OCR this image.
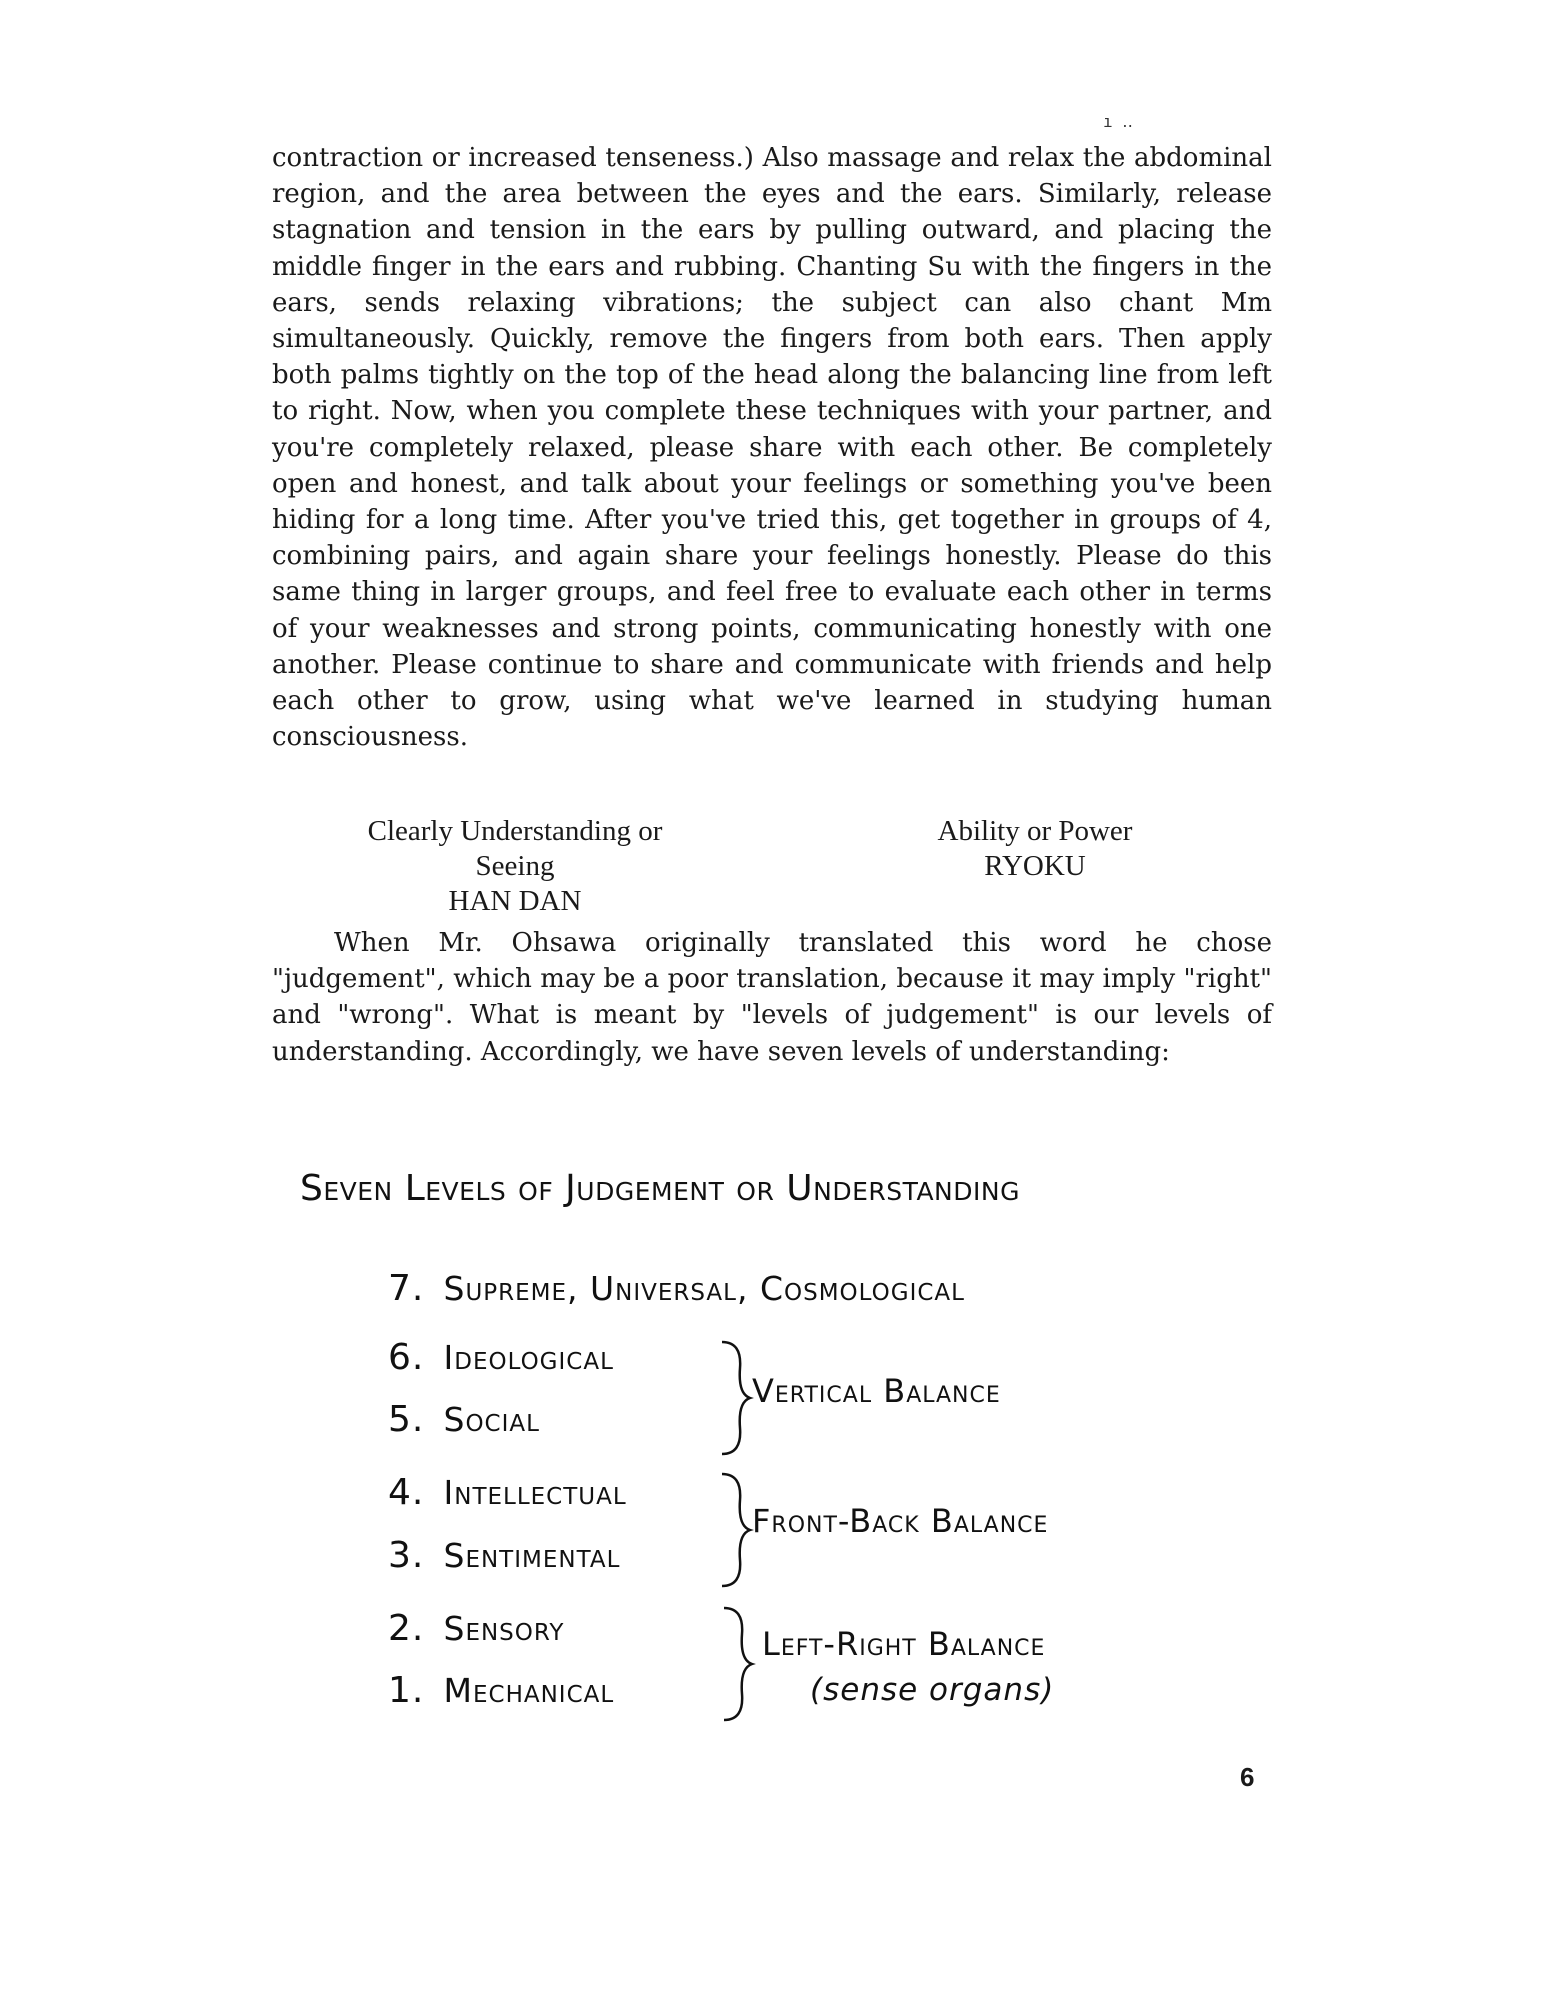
ı ‥

contraction or increased tenseness.) Also massage and relax the abdominal region, and the area between the eyes and the ears. Similarly, release stagnation and tension in the ears by pulling outward, and placing the middle finger in the ears and rubbing. Chanting Su with the fingers in the ears, sends relaxing vibrations; the subject can also chant Mm simultaneously. Quickly, remove the fingers from both ears. Then apply both palms tightly on the top of the head along the balancing line from left to right. Now, when you complete these techniques with your partner, and you're completely relaxed, please share with each other. Be completely open and honest, and talk about your feelings or something you've been hiding for a long time. After you've tried this, get together in groups of 4, combining pairs, and again share your feelings honestly. Please do this same thing in larger groups, and feel free to evaluate each other in terms of your weaknesses and strong points, communicating honestly with one another. Please continue to share and communicate with friends and help each other to grow, using what we've learned in studying human consciousness.

Clearly Understanding or Seeing
HAN DAN
Ability or Power
RYOKU

When Mr. Ohsawa originally translated this word he chose "judgement", which may be a poor translation, because it may imply "right" and "wrong". What is meant by "levels of judgement" is our levels of understanding. Accordingly, we have seven levels of understanding:

Seven Levels of Judgement or Understanding
7. Supreme, Universal, Cosmological
6. Ideological
5. Social
4. Intellectual
3. Sentimental
2. Sensory
1. Mechanical
Vertical Balance
Front-Back Balance
Left-Right Balance
(sense organs)
6
